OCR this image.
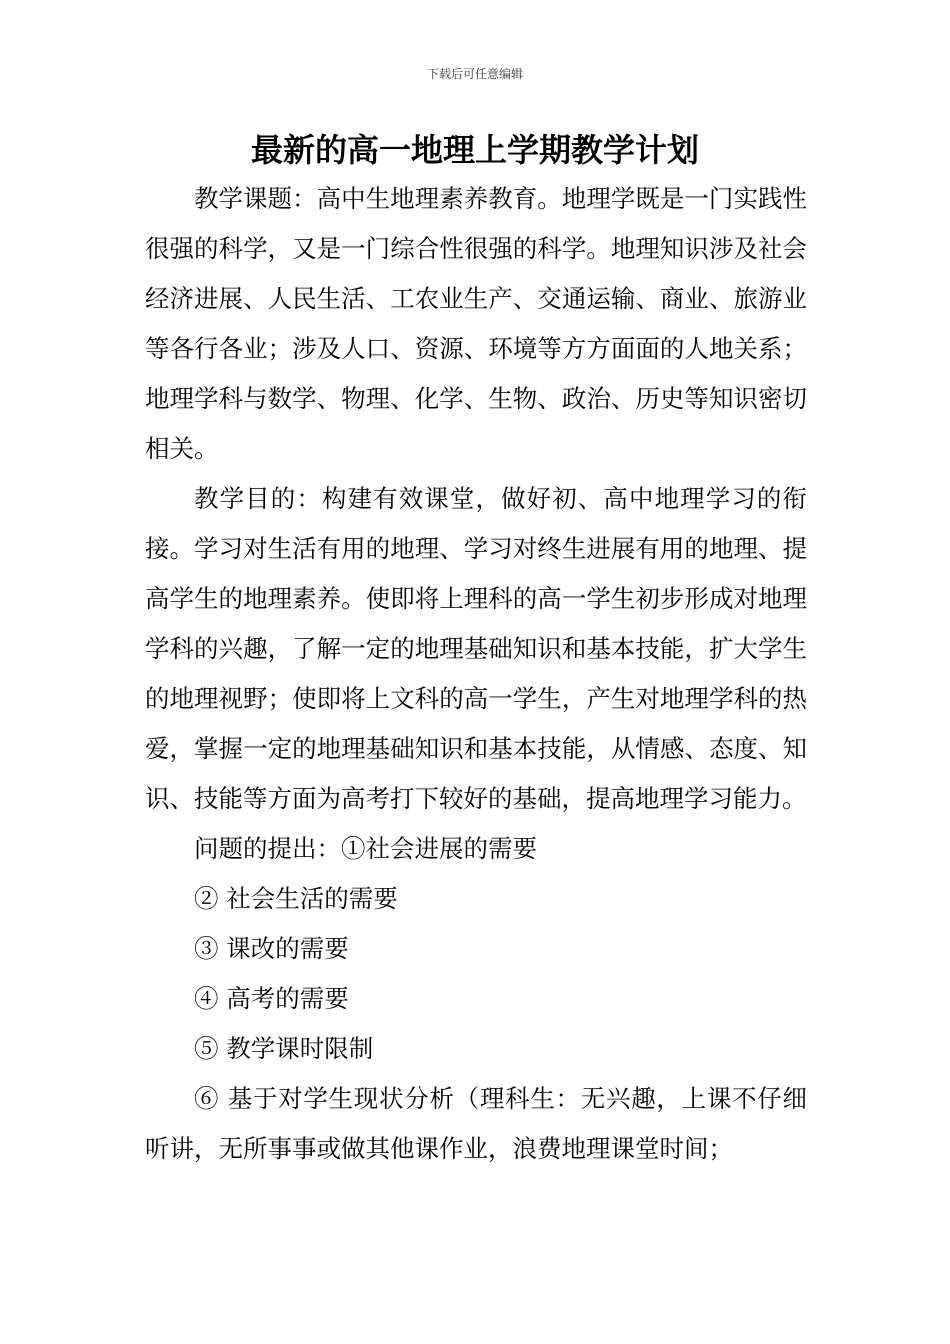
下载后可任意编辑
最新的高一地理上学期教学计划

教学课题：高中生地理素养教育。地理学既是一门实践性很强的科学，又是一门综合性很强的科学。地理知识涉及社会经济进展、人民生活、工农业生产、交通运输、商业、旅游业等各行各业；涉及人口、资源、环境等方方面面的人地关系；地理学科与数学、物理、化学、生物、政治、历史等知识密切相关。

教学目的：构建有效课堂，做好初、高中地理学习的衔接。学习对生活有用的地理、学习对终生进展有用的地理、提高学生的地理素养。使即将上理科的高一学生初步形成对地理学科的兴趣，了解一定的地理基础知识和基本技能，扩大学生的地理视野；使即将上文科的高一学生，产生对地理学科的热爱，掌握一定的地理基础知识和基本技能，从情感、态度、知识、技能等方面为高考打下较好的基础，提高地理学习能力。

问题的提出：①社会进展的需要

② 社会生活的需要

③ 课改的需要

④ 高考的需要

⑤ 教学课时限制

⑥ 基于对学生现状分析（理科生：无兴趣，上课不仔细听讲，无所事事或做其他课作业，浪费地理课堂时间；
